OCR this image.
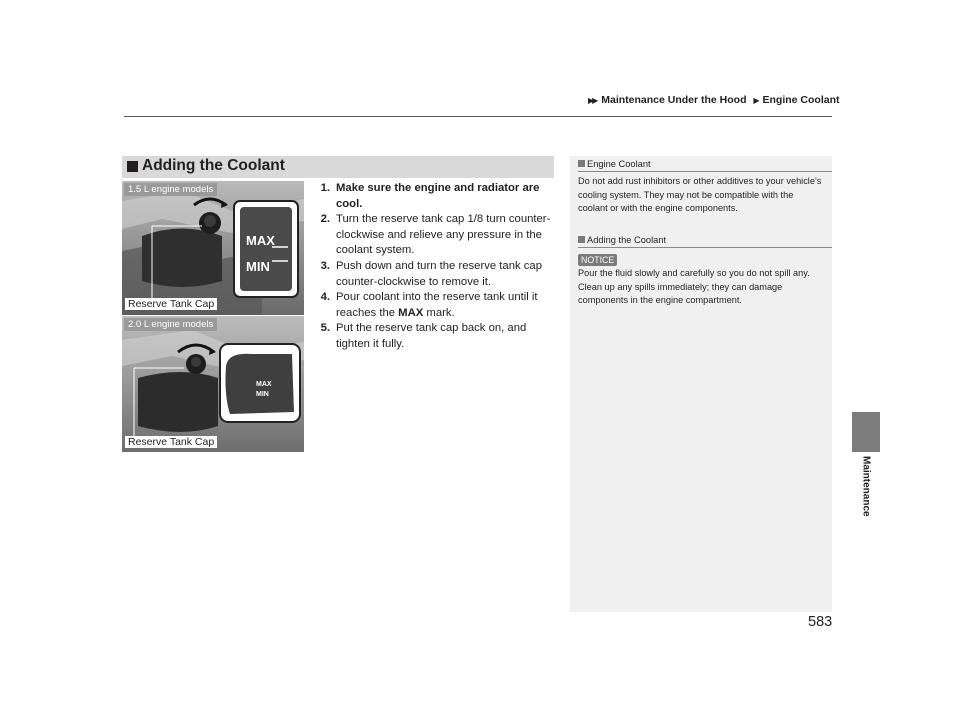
▶▶ Maintenance Under the Hood ▶ Engine Coolant
Maintenance
Adding the Coolant
MAX
MIN
1.5 L engine models
Reserve Tank Cap
MAX
MIN
2.0 L engine models
Reserve Tank Cap
1. Make sure the engine and radiator are cool.
2. Turn the reserve tank cap 1/8 turn counter-clockwise and relieve any pressure in the coolant system.
3. Push down and turn the reserve tank cap counter-clockwise to remove it.
4. Pour coolant into the reserve tank until it reaches the MAX mark.
5. Put the reserve tank cap back on, and tighten it fully.
Engine Coolant
Do not add rust inhibitors or other additives to your vehicle's cooling system. They may not be compatible with the coolant or with the engine components.
Adding the Coolant
NOTICE
Pour the fluid slowly and carefully so you do not spill any. Clean up any spills immediately; they can damage components in the engine compartment.
583
